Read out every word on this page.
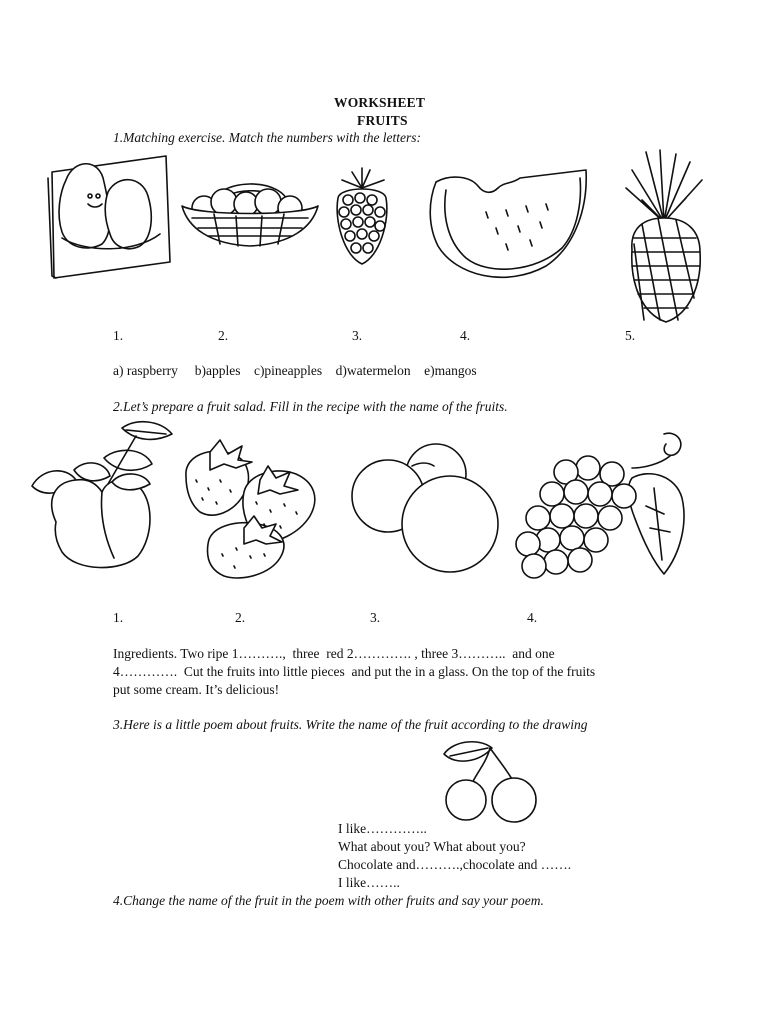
WORKSHEET
FRUITS
1.Matching exercise. Match the numbers with the letters:
1.	2.	3.	4.	5.
a) raspberry     b)apples    c)pineapples    d)watermelon    e)mangos
2.Let’s prepare a fruit salad. Fill in the recipe with the name of the fruits.
1.	2.	3.	4.
Ingredients. Two ripe 1……….,  three  red 2…………. , three 3………..  and one
4………….  Cut the fruits into little pieces  and put the in a glass. On the top of the fruits
put some cream. It’s delicious!
3.Here is a little poem about fruits. Write the name of the fruit according to the drawing
I like…………..
What about you? What about you?
Chocolate and……….,chocolate and …….
I like……..
4.Change the name of the fruit in the poem with other fruits and say your poem.
